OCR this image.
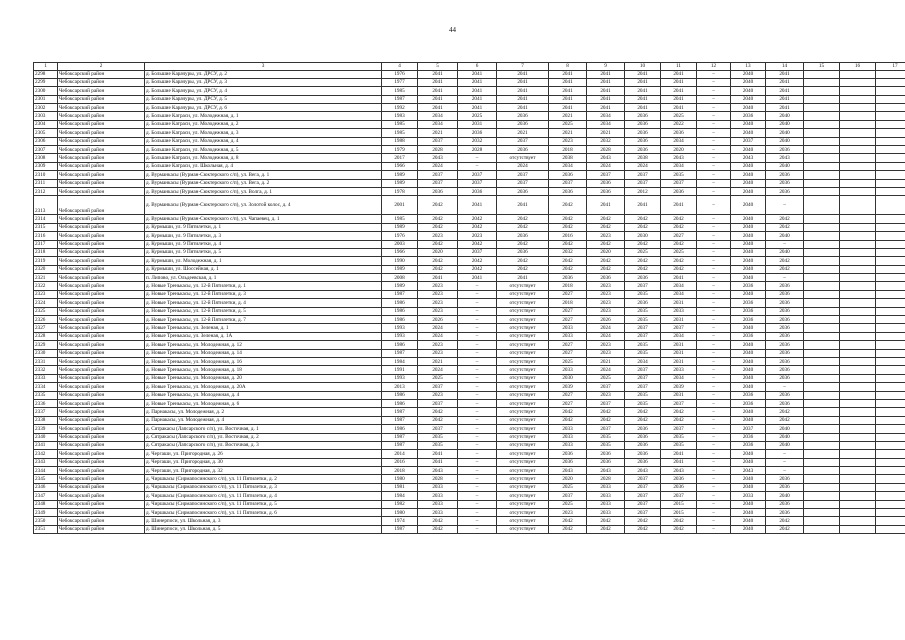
44
1	2	3	4	5	6	7	8	9	10	11	12	13	14	15	16	17
2298	Чебоксарский район	д. Большие Карачуры, ул. ДРСУ, д. 2	1976	2041	2041	2041	2041	2041	2041	2041	–	2040	2041			
2299	Чебоксарский район	д. Большие Карачуры, ул. ДРСУ, д. 3	1977	2041	2041	2041	2041	2041	2041	2041	–	2040	2041			
2300	Чебоксарский район	д. Большие Карачуры, ул. ДРСУ, д. 4	1985	2041	2041	2041	2041	2041	2041	2041	–	2040	2041			
2301	Чебоксарский район	д. Большие Карачуры, ул. ДРСУ, д. 5	1987	2041	2041	2041	2041	2041	2041	2041	–	2040	2041			
2302	Чебоксарский район	д. Большие Карачуры, ул. ДРСУ, д. 6	1992	2041	2041	2041	2041	2041	2041	2041	–	2040	2041			
2303	Чебоксарский район	д. Большие Катраси, ул. Молодежная, д. 1	1983	2034	2025	2036	2021	2034	2036	2025	–	2036	2040			
2304	Чебоксарский район	д. Большие Катраси, ул. Молодежная, д. 2	1985	2034	2031	2036	2025	2034	2036	2022	–	2040	2040			
2305	Чебоксарский район	д. Большие Катраси, ул. Молодежная, д. 3	1985	2021	2036	2021	2021	2021	2036	2036	–	2040	2040			
2306	Чебоксарский район	д. Большие Катраси, ул. Молодежная, д. 4	1988	2037	2032	2037	2023	2032	2036	2034	–	2037	2040			
2307	Чебоксарский район	д. Большие Катраси, ул. Молодежная, д. 5	1979	2028	2028	2036	2018	2028	2036	2020	–	2040	2036			
2308	Чебоксарский район	д. Большие Катраси, ул. Молодежная, д. 8	2017	2043	–	отсутствует	2038	2043	2038	2043	–	2043	2043			
2309	Чебоксарский район	д. Большие Катраси, ул. Школьная, д. 4	1966	2024	–	2024	2034	2024	2024	2034	–	2040	2040			
2310	Чебоксарский район	д. Вурманкасы (Вурман-Сюктерского с/п), ул. Вега, д. 1	1989	2037	2037	2037	2036	2037	2037	2035	–	2040	2036			
2311	Чебоксарский район	д. Вурманкасы (Вурман-Сюктерского с/п), ул. Вега, д. 2	1989	2037	2037	2037	2037	2036	2037	2037	–	2040	2036			
2312	Чебоксарский район	д. Вурманкасы (Вурман-Сюктерского с/п), ул. Волга, д. 1	1978	2036	2036	2036	2036	2036	2012	2036	–	2040	2036			
2313	Чебоксарский район	д. Вурманкасы (Вурман-Сюктерского с/п), ул. Золотой колос, д. 4	2001	2042	2041	2041	2042	2041	2041	2041	–	2040	–			
2314	Чебоксарский район	д. Вурманкасы (Вурман-Сюктерского с/п), ул. Чапаевец, д. 1	1985	2042	2042	2042	2042	2042	2042	2042	–	2040	2042			
2315	Чебоксарский район	д. Курмыши, ул. 9 Пятилетки, д. 1	1989	2042	2042	2042	2042	2042	2042	2042	–	2040	2042			
2316	Чебоксарский район	д. Курмыши, ул. 9 Пятилетки, д. 3	1976	2023	2023	2036	2016	2023	2030	2027	–	2040	2040			
2317	Чебоксарский район	д. Курмыши, ул. 9 Пятилетки, д. 4	2003	2042	2042	2042	2042	2042	2042	2042	–	2040	–			
2318	Чебоксарский район	д. Курмыши, ул. 9 Пятилетки, д. 5	1966	2020	2037	2036	2032	2020	2025	2025	–	2040	2040			
2319	Чебоксарский район	д. Курмыши, ул. Молодежная, д. 1	1990	2042	2042	2042	2042	2042	2042	2042	–	2040	2042			
2320	Чебоксарский район	д. Курмыши, ул. Шоссейная, д. 1	1989	2042	2042	2042	2042	2042	2042	2042	–	2040	2042			
2321	Чебоксарский район	п. Липово, ул. Ольдеевская, д. 1	2008	2041	2041	2041	2036	2036	2036	2041	–	2040	–			
2322	Чебоксарский район	д. Новые Тренькасы, ул. 12-й Пятилетки, д. 1	1989	2023	–	отсутствует	2018	2023	2037	2034	–	2036	2036			
2323	Чебоксарский район	д. Новые Тренькасы, ул. 12-й Пятилетки, д. 3	1987	2023	–	отсутствует	2027	2023	2035	2034	–	2040	2036			
2324	Чебоксарский район	д. Новые Тренькасы, ул. 12-й Пятилетки, д. 4	1986	2023	–	отсутствует	2018	2023	2036	2031	–	2036	2036			
2325	Чебоксарский район	д. Новые Тренькасы, ул. 12-й Пятилетки, д. 5	1986	2023	–	отсутствует	2027	2023	2035	2033	–	2036	2036			
2326	Чебоксарский район	д. Новые Тренькасы, ул. 12-й Пятилетки, д. 7	1986	2026	–	отсутствует	2027	2026	2035	2031	–	2036	2036			
2327	Чебоксарский район	д. Новые Тренькасы, ул. Зеленая, д. 1	1993	2024	–	отсутствует	2033	2024	2037	2037	–	2040	2036			
2328	Чебоксарский район	д. Новые Тренькасы, ул. Зеленая, д. 1А	1993	2024	–	отсутствует	2033	2024	2037	2034	–	2036	2036			
2329	Чебоксарский район	д. Новые Тренькасы, ул. Молодежная, д. 12	1986	2023	–	отсутствует	2027	2023	2035	2031	–	2040	2036			
2330	Чебоксарский район	д. Новые Тренькасы, ул. Молодежная, д. 14	1987	2023	–	отсутствует	2027	2023	2035	2031	–	2040	2036			
2331	Чебоксарский район	д. Новые Тренькасы, ул. Молодежная, д. 16	1984	2021	–	отсутствует	2025	2021	2034	2031	–	2040	2036			
2332	Чебоксарский район	д. Новые Тренькасы, ул. Молодежная, д. 18	1991	2024	–	отсутствует	2033	2024	2037	2033	–	2040	2036			
2333	Чебоксарский район	д. Новые Тренькасы, ул. Молодежная, д. 20	1993	2025	–	отсутствует	2030	2025	2037	2034	–	2040	2036			
2334	Чебоксарский район	д. Новые Тренькасы, ул. Молодежная, д. 20А	2013	2037	–	отсутствует	2039	2037	2037	2039	–	2040	–			
2335	Чебоксарский район	д. Новые Тренькасы, ул. Молодежная, д. 4	1986	2023	–	отсутствует	2027	2023	2035	2031	–	2036	2036			
2336	Чебоксарский район	д. Новые Тренькасы, ул. Молодежная, д. 6	1986	2037	–	отсутствует	2027	2037	2035	2037	–	2036	2036			
2337	Чебоксарский район	д. Парнакасы, ул. Молодежная, д. 2	1987	2042	–	отсутствует	2042	2042	2042	2042	–	2040	2042			
2338	Чебоксарский район	д. Парнакасы, ул. Молодежная, д. 4	1987	2042	–	отсутствует	2042	2042	2042	2042	–	2040	2042			
2339	Чебоксарский район	д. Сятракасы (Лапсарского с/п), ул. Восточная, д. 1	1986	2037	–	отсутствует	2033	2037	2036	2037	–	2037	2040			
2340	Чебоксарский район	д. Сятракасы (Лапсарского с/п), ул. Восточная, д. 2	1987	2035	–	отсутствует	2033	2035	2036	2035	–	2036	2040			
2341	Чебоксарский район	д. Сятракасы (Лапсарского с/п), ул. Восточная, д. 3	1987	2035	–	отсутствует	2033	2035	2036	2035	–	2036	2040			
2342	Чебоксарский район	д. Чергаши, ул. Пригородная, д. 26	2014	2041	–	отсутствует	2036	2036	2036	2041	–	2040	–			
2343	Чебоксарский район	д. Чергаши, ул. Пригородная, д. 30	2016	2041	–	отсутствует	2036	2036	2036	2041	–	2040	–			
2344	Чебоксарский район	д. Чергаши, ул. Пригородная, д. 32	2018	2043	–	отсутствует	2043	2043	2043	2043	–	2043	–			
2345	Чебоксарский район	д. Чиршкасы (Сирмапосинского с/п), ул. 11 Пятилетки, д. 2	1980	2028	–	отсутствует	2020	2028	2037	2036	–	2040	2036			
2346	Чебоксарский район	д. Чиршкасы (Сирмапосинского с/п), ул. 11 Пятилетки, д. 3	1981	2033	–	отсутствует	2025	2033	2037	2036	–	2040	2036			
2347	Чебоксарский район	д. Чиршкасы (Сирмапосинского с/п), ул. 11 Пятилетки, д. 4	1984	2033	–	отсутствует	2037	2033	2037	2037	–	2033	2040			
2348	Чебоксарский район	д. Чиршкасы (Сирмапосинского с/п), ул. 11 Пятилетки, д. 5	1982	2033	–	отсутствует	2025	2033	2037	2015	–	2040	2036			
2349	Чебоксарский район	д. Чиршкасы (Сирмапосинского с/п), ул. 11 Пятилетки, д. 6	1980	2033	–	отсутствует	2023	2033	2037	2015	–	2040	2036			
2350	Чебоксарский район	д. Шинерпоси, ул. Школьная, д. 3	1974	2042	–	отсутствует	2042	2042	2042	2042	–	2040	2042			
2351	Чебоксарский район	д. Шинерпоси, ул. Школьная, д. 5	1987	2042	–	отсутствует	2042	2042	2042	2042	–	2040	2042			
